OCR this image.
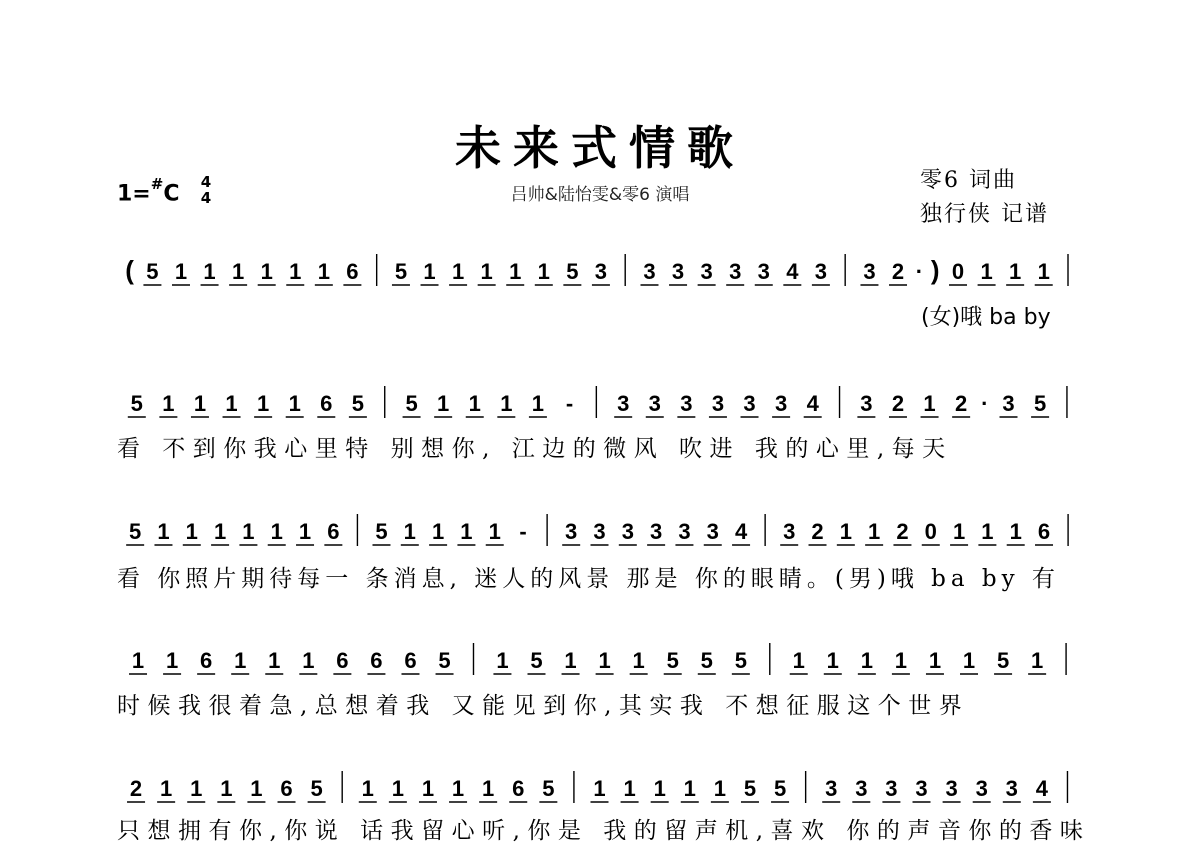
未来式情歌
吕帅&陆怡雯&零6 演唱
零6 词曲
独行侠 记谱
1=#C 4
4
( 5 1 1 1 1 1 1 6 5 1 1 1 1 1 5 3 3 3 3 3 3 4 3 3 2 · ) 0 1 1 1
(女)哦 ba by
5 1 1 1 1 1 6 5 5 1 1 1 1 - 3 3 3 3 3 3 4 3 2 1 2 · 3 5
看 不到你我心里特 别想你, 江边的微风 吹进 我的心里,每天
5 1 1 1 1 1 1 6 5 1 1 1 1 - 3 3 3 3 3 3 4 3 2 1 1 2 0 1 1 1 6
看 你照片期待每一 条消息, 迷人的风景 那是 你的眼睛。(男)哦 ba by 有
1 1 6 1 1 1 6 6 6 5 1 5 1 1 1 5 5 5 1 1 1 1 1 1 5 1
时候我很着急,总想着我 又能见到你,其实我 不想征服这个世界
2 1 1 1 1 6 5 1 1 1 1 1 6 5 1 1 1 1 1 5 5 3 3 3 3 3 3 3 4
只想拥有你,你说 话我留心听,你是 我的留声机,喜欢 你的声音你的香味
